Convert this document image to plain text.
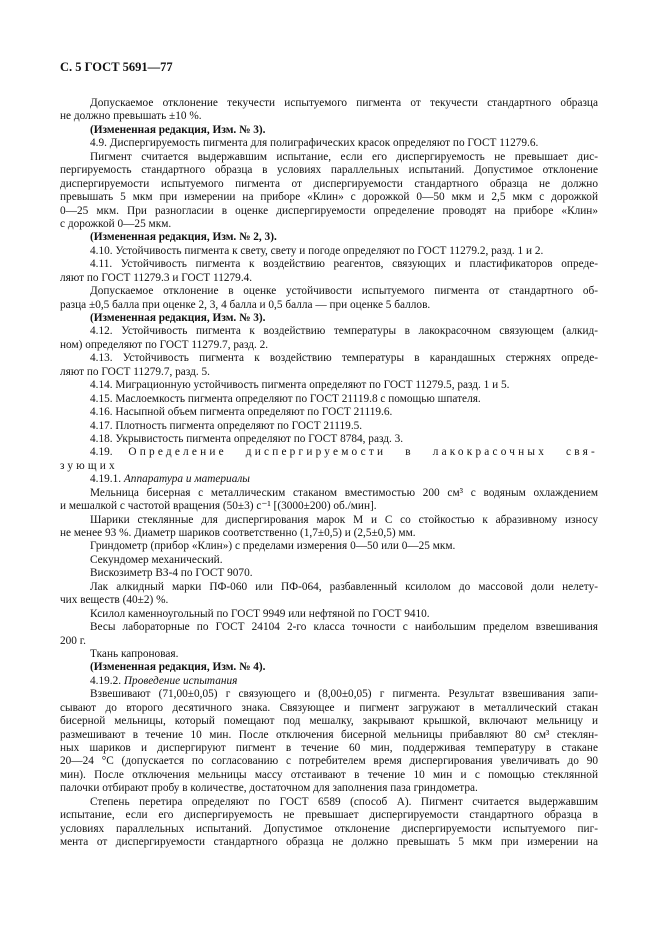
С. 5 ГОСТ 5691—77
Допускаемое отклонение текучести испытуемого пигмента от текучести стандартного образца
не должно превышать ±10 %.
(Измененная редакция, Изм. № 3).
4.9. Диспергируемость пигмента для полиграфических красок определяют по ГОСТ 11279.6.
Пигмент считается выдержавшим испытание, если его диспергируемость не превышает дис-
пергируемость стандартного образца в условиях параллельных испытаний. Допустимое отклонение
диспергируемости испытуемого пигмента от диспергируемости стандартного образца не должно
превышать 5 мкм при измерении на приборе «Клин» с дорожкой 0—50 мкм и 2,5 мкм с дорожкой
0—25 мкм. При разногласии в оценке диспергируемости определение проводят на приборе «Клин»
с дорожкой 0—25 мкм.
(Измененная редакция, Изм. № 2, 3).
4.10. Устойчивость пигмента к свету, свету и погоде определяют по ГОСТ 11279.2, разд. 1 и 2.
4.11. Устойчивость пигмента к воздействию реагентов, связующих и пластификаторов опреде-
ляют по ГОСТ 11279.3 и ГОСТ 11279.4.
Допускаемое отклонение в оценке устойчивости испытуемого пигмента от стандартного об-
разца ±0,5 балла при оценке 2, 3, 4 балла и 0,5 балла — при оценке 5 баллов.
(Измененная редакция, Изм. № 3).
4.12. Устойчивость пигмента к воздействию температуры в лакокрасочном связующем (алкид-
ном) определяют по ГОСТ 11279.7, разд. 2.
4.13. Устойчивость пигмента к воздействию температуры в карандашных стержнях опреде-
ляют по ГОСТ 11279.7, разд. 5.
4.14. Миграционную устойчивость пигмента определяют по ГОСТ 11279.5, разд. 1 и 5.
4.15. Маслоемкость пигмента определяют по ГОСТ 21119.8 с помощью шпателя.
4.16. Насыпной объем пигмента определяют по ГОСТ 21119.6.
4.17. Плотность пигмента определяют по ГОСТ 21119.5.
4.18. Укрывистость пигмента определяют по ГОСТ 8784, разд. 3.
4.19. Определение диспергируемости в лакокрасочных свя-
зующих
4.19.1. Аппаратура и материалы
Мельница бисерная с металлическим стаканом вместимостью 200 см³ с водяным охлаждением
и мешалкой с частотой вращения (50±3) с⁻¹ [(3000±200) об./мин].
Шарики стеклянные для диспергирования марок М и С со стойкостью к абразивному износу
не менее 93 %. Диаметр шариков соответственно (1,7±0,5) и (2,5±0,5) мм.
Гриндометр (прибор «Клин») с пределами измерения 0—50 или 0—25 мкм.
Секундомер механический.
Вискозиметр ВЗ-4 по ГОСТ 9070.
Лак алкидный марки ПФ-060 или ПФ-064, разбавленный ксилолом до массовой доли нелету-
чих веществ (40±2) %.
Ксилол каменноугольный по ГОСТ 9949 или нефтяной по ГОСТ 9410.
Весы лабораторные по ГОСТ 24104 2-го класса точности с наибольшим пределом взвешивания
200 г.
Ткань капроновая.
(Измененная редакция, Изм. № 4).
4.19.2. Проведение испытания
Взвешивают (71,00±0,05) г связующего и (8,00±0,05) г пигмента. Результат взвешивания запи-
сывают до второго десятичного знака. Связующее и пигмент загружают в металлический стакан
бисерной мельницы, который помещают под мешалку, закрывают крышкой, включают мельницу и
размешивают в течение 10 мин. После отключения бисерной мельницы прибавляют 80 см³ стеклян-
ных шариков и диспергируют пигмент в течение 60 мин, поддерживая температуру в стакане
20—24 °С (допускается по согласованию с потребителем время диспергирования увеличивать до 90
мин). После отключения мельницы массу отстаивают в течение 10 мин и с помощью стеклянной
палочки отбирают пробу в количестве, достаточном для заполнения паза гриндометра.
Степень перетира определяют по ГОСТ 6589 (способ А). Пигмент считается выдержавшим
испытание, если его диспергируемость не превышает диспергируемости стандартного образца в
условиях параллельных испытаний. Допустимое отклонение диспергируемости испытуемого пиг-
мента от диспергируемости стандартного образца не должно превышать 5 мкм при измерении на
